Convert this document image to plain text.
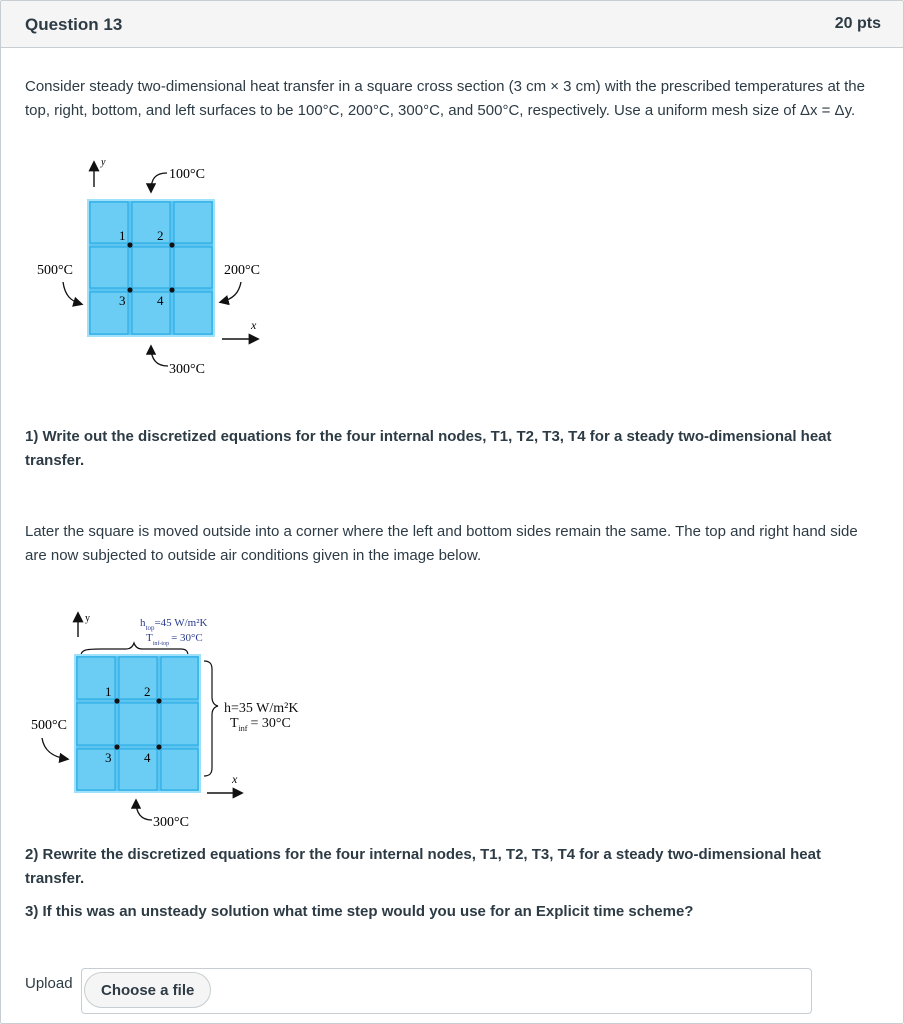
Question 13	20 pts
Consider steady two-dimensional heat transfer in a square cross section (3 cm × 3 cm) with the prescribed temperatures at the top, right, bottom, and left surfaces to be 100°C, 200°C, 300°C, and 500°C, respectively. Use a uniform mesh size of Δx = Δy.
y
1 2
3 4
100°C
500°C	200°C
x
300°C
y	$h_{top}=45$ W/m²K
$T_{inf-top} = 30^\circ C$
1	2
3	4
h=35 W/m²K
$T_{inf} = 30^\circ C$
500°C
x
300°C
1) Write out the discretized equations for the four internal nodes, T1, T2, T3, T4 for a steady two-dimensional heat transfer.
Later the square is moved outside into a corner where the left and bottom sides remain the same. The top and right hand side are now subjected to outside air conditions given in the image below.
2) Rewrite the discretized equations for the four internal nodes, T1, T2, T3, T4 for a steady two-dimensional heat transfer.
3) If this was an unsteady solution what time step would you use for an Explicit time scheme?
Upload	Choose a file
